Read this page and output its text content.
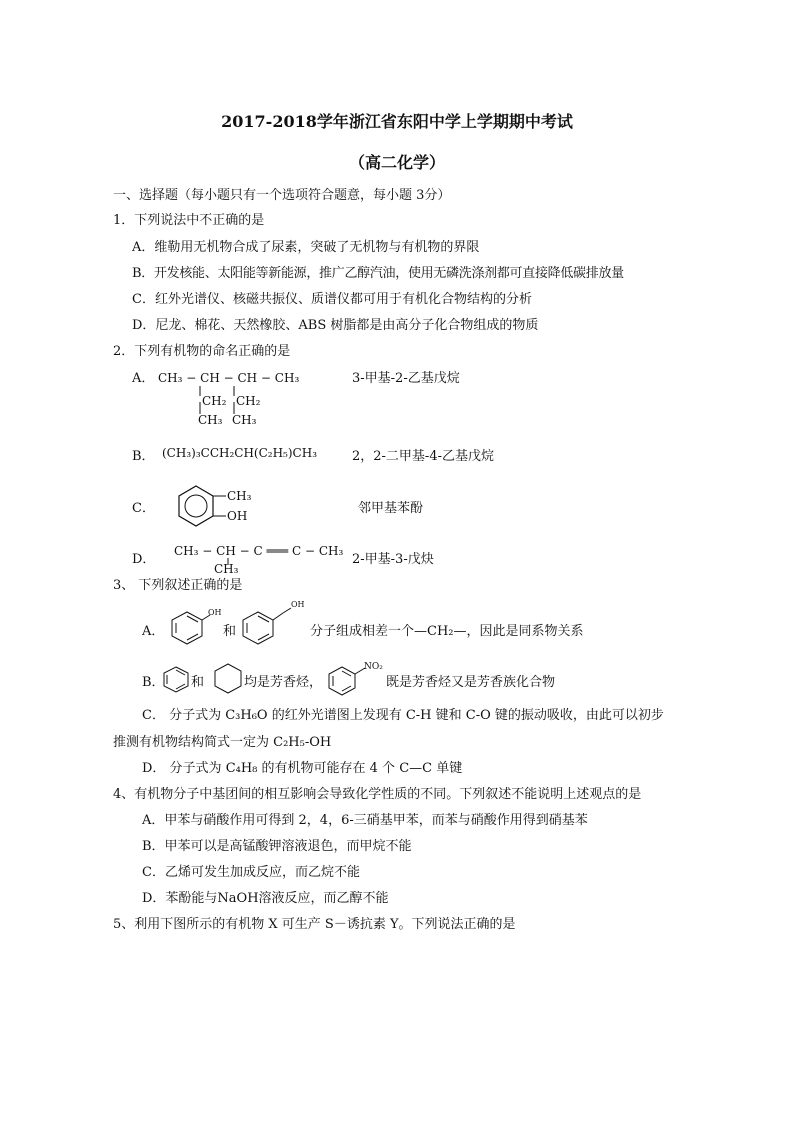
2017-2018学年浙江省东阳中学上学期期中考试
（高二化学）
一、选择题（每小题只有一个选项符合题意，每小题 3分）
1．下列说法中不正确的是
A．维勒用无机物合成了尿素，突破了无机物与有机物的界限
B．开发核能、太阳能等新能源，推广乙醇汽油，使用无磷洗涤剂都可直接降低碳排放量
C．红外光谱仪、核磁共振仪、质谱仪都可用于有机化合物结构的分析
D．尼龙、棉花、天然橡胶、ABS 树脂都是由高分子化合物组成的物质
2．下列有机物的命名正确的是
A． CH₃ − CH − CH − CH₃
CH₂ CH₂
CH₃ CH₃
3-甲基-2-乙基戊烷
B． (CH₃)₃CCH₂CH(C₂H₅)CH₃	2，2-二甲基-4-乙基戊烷
C．
CH₃
OH	邻甲基苯酚
D．
CH₃ − CH − C ═══ C − CH₃
CH₃
2-甲基-3-戊炔
3、 下列叙述正确的是
A．
OH
和
OH
分子组成相差一个—CH₂—，因此是同系物关系
B． 和	均是芳香烃，
NO₂
既是芳香烃又是芳香族化合物
C． 分子式为 C₃H₆O 的红外光谱图上发现有 C-H 键和 C-O 键的振动吸收，由此可以初步
推测有机物结构简式一定为 C₂H₅-OH
D． 分子式为 C₄H₈ 的有机物可能存在 4 个 C—C 单键
4、有机物分子中基团间的相互影响会导致化学性质的不同。下列叙述不能说明上述观点的是
A．甲苯与硝酸作用可得到 2，4，6-三硝基甲苯，而苯与硝酸作用得到硝基苯
B．甲苯可以是高锰酸钾溶液退色，而甲烷不能
C．乙烯可发生加成反应，而乙烷不能
D．苯酚能与NaOH溶液反应，而乙醇不能
5、利用下图所示的有机物 X 可生产 S－诱抗素 Y。下列说法正确的是
